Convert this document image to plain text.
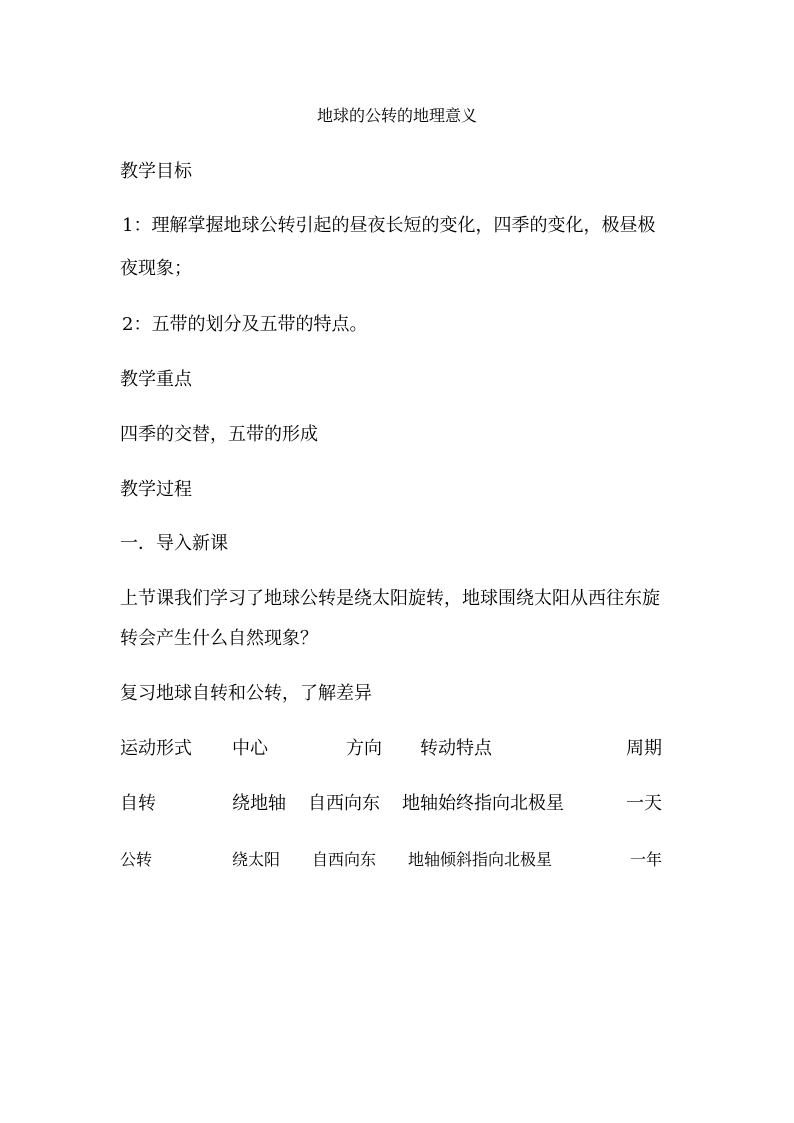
地球的公转的地理意义
教学目标
1：理解掌握地球公转引起的昼夜长短的变化，四季的变化，极昼极
夜现象；
2：五带的划分及五带的特点。
教学重点
四季的交替，五带的形成
教学过程
一．导入新课
上节课我们学习了地球公转是绕太阳旋转，地球围绕太阳从西往东旋
转会产生什么自然现象？
复习地球自转和公转，了解差异
运动形式 中心	方向 转动特点	周期
自转	绕地轴 自西向东 地轴始终指向北极星	一天
公转	绕太阳 自西向东 地轴倾斜指向北极星	一年
